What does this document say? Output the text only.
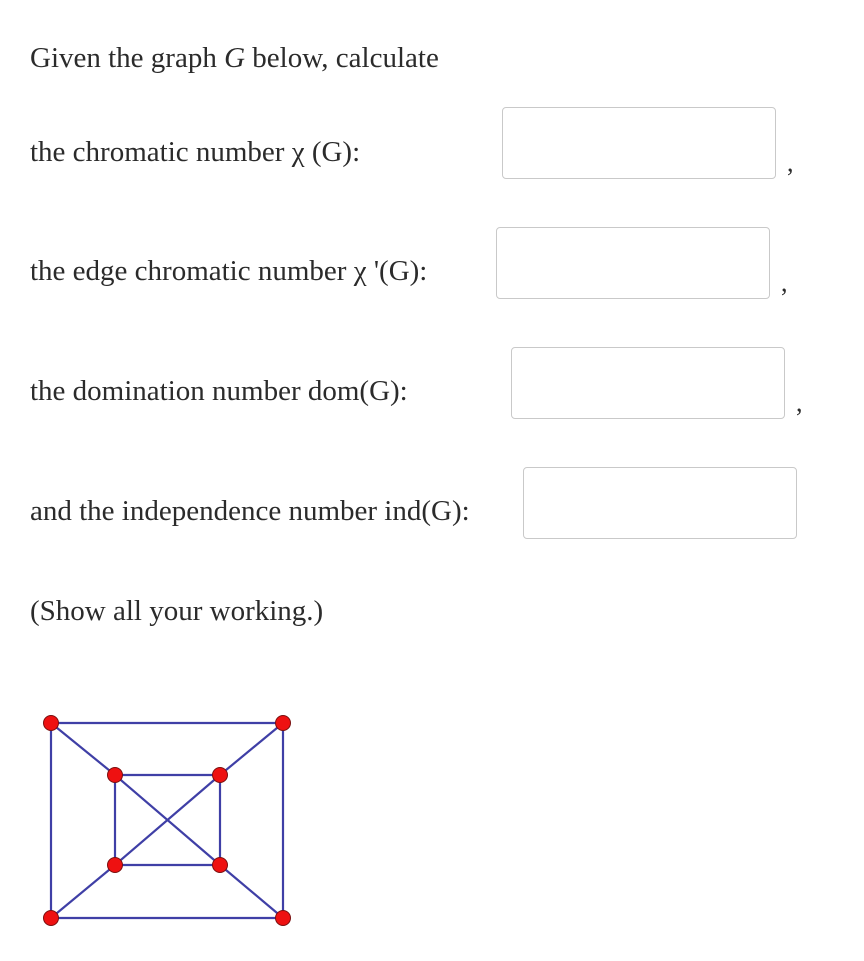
Given the graph G below, calculate
the chromatic number χ (G):	,
the edge chromatic number χ '(G):	,
the domination number dom(G):	,
and the independence number ind(G):
(Show all your working.)
